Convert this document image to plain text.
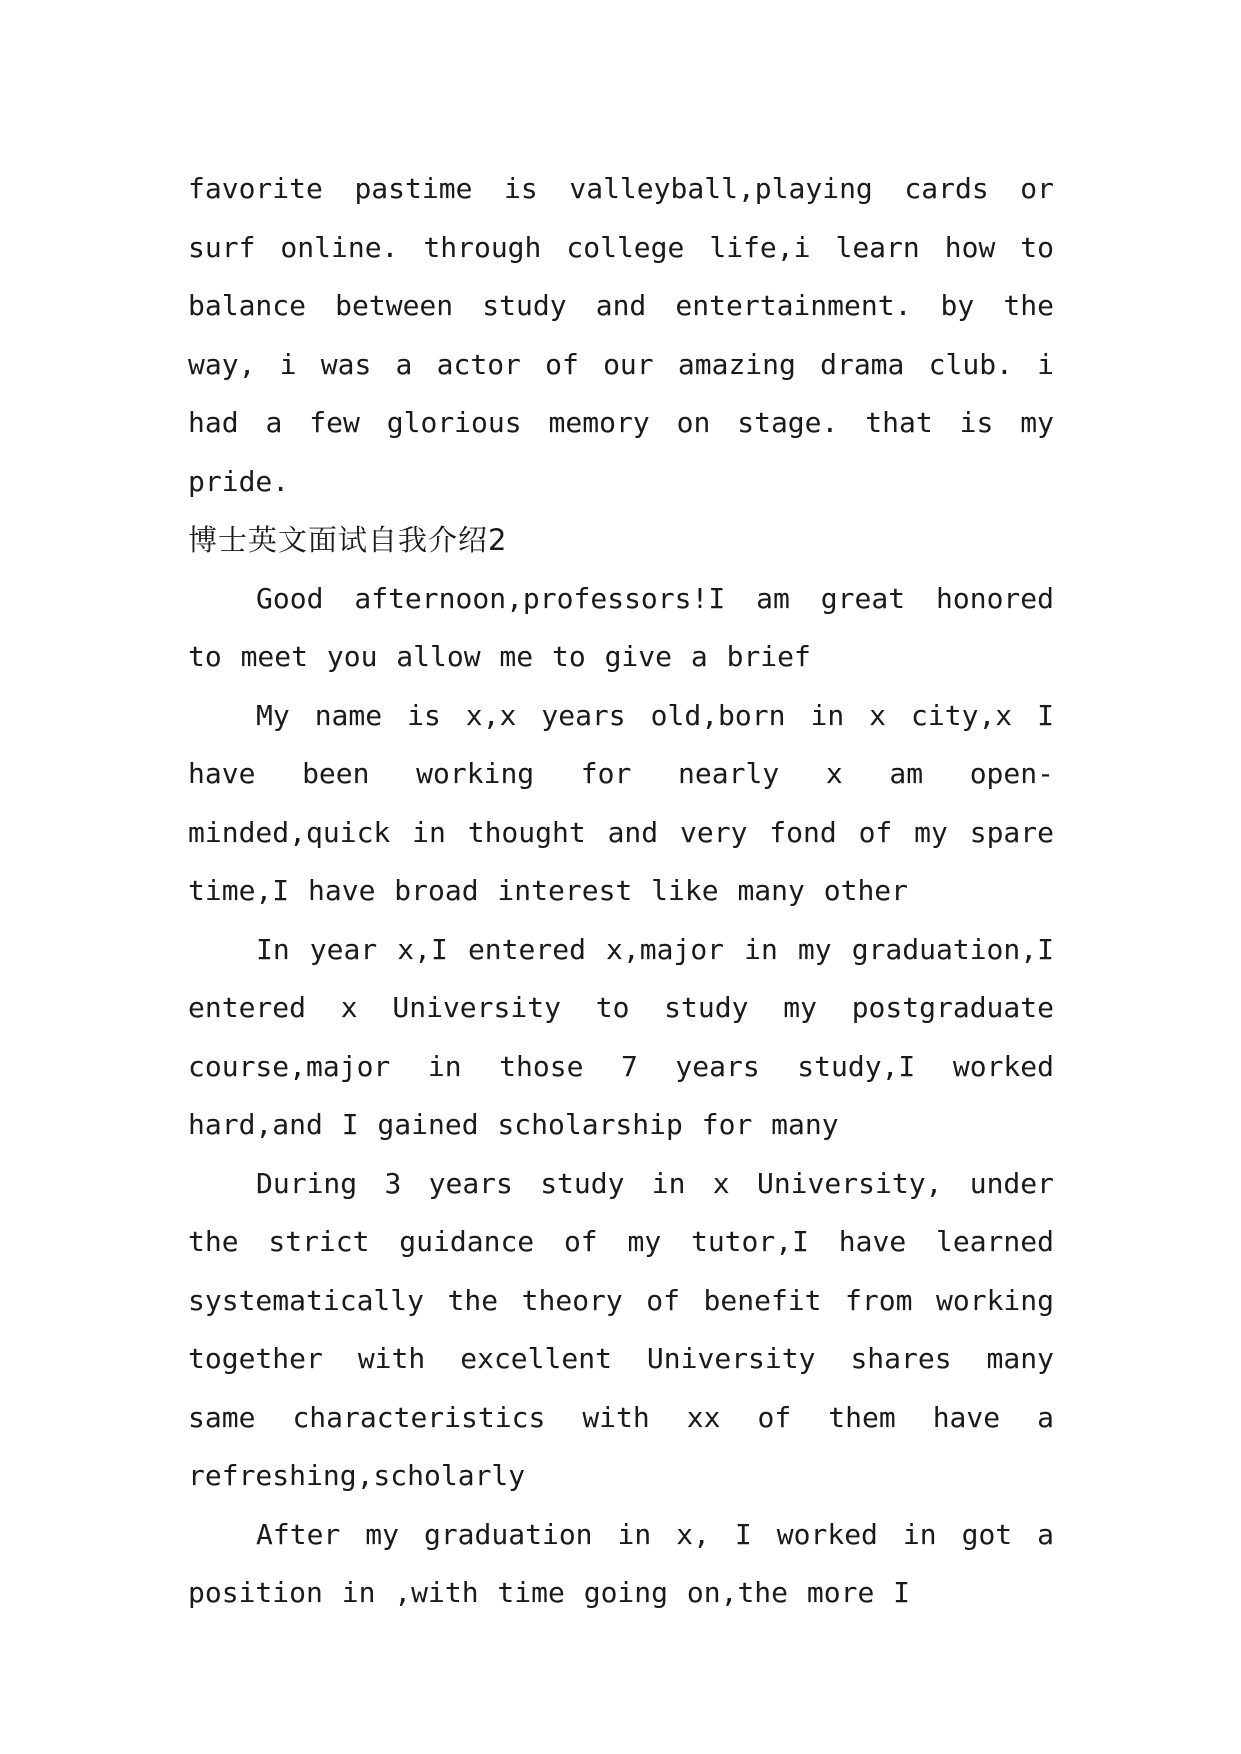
favorite pastime is valleyball,playing cards or surf online. through college life,i learn how to balance between study and entertainment. by the way, i was a actor of our amazing drama club. i had a few glorious memory on stage. that is my pride.

博士英文面试自我介绍2

Good afternoon,professors!I am great honored to meet you allow me to give a brief

My name is x,x years old,born in x city,x I have been working for nearly x am open-minded,quick in thought and very fond of my spare time,I have broad interest like many other

In year x,I entered x,major in my graduation,I entered x University to study my postgraduate course,major in those 7 years study,I worked hard,and I gained scholarship for many

During 3 years study in x University, under the strict guidance of my tutor,I have learned systematically the theory of benefit from working together with excellent University shares many same characteristics with xx of them have a refreshing,scholarly

After my graduation in x, I worked in got a position in ,with time going on,the more I
